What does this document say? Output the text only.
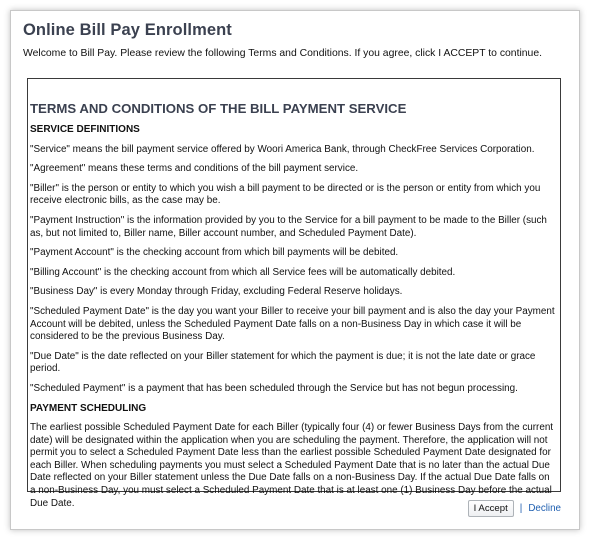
Online Bill Pay Enrollment
Welcome to Bill Pay. Please review the following Terms and Conditions. If you agree, click I ACCEPT to continue.
TERMS AND CONDITIONS OF THE BILL PAYMENT SERVICE
SERVICE DEFINITIONS

"Service" means the bill payment service offered by Woori America Bank, through CheckFree Services Corporation.

"Agreement" means these terms and conditions of the bill payment service.

"Biller" is the person or entity to which you wish a bill payment to be directed or is the person or entity from which you receive electronic bills, as the case may be.

"Payment Instruction" is the information provided by you to the Service for a bill payment to be made to the Biller (such as, but not limited to, Biller name, Biller account number, and Scheduled Payment Date).

"Payment Account" is the checking account from which bill payments will be debited.

"Billing Account" is the checking account from which all Service fees will be automatically debited.

"Business Day" is every Monday through Friday, excluding Federal Reserve holidays.

"Scheduled Payment Date" is the day you want your Biller to receive your bill payment and is also the day your Payment Account will be debited, unless the Scheduled Payment Date falls on a non-Business Day in which case it will be considered to be the previous Business Day.

"Due Date" is the date reflected on your Biller statement for which the payment is due; it is not the late date or grace period.

"Scheduled Payment" is a payment that has been scheduled through the Service but has not begun processing.

PAYMENT SCHEDULING

The earliest possible Scheduled Payment Date for each Biller (typically four (4) or fewer Business Days from the current date) will be designated within the application when you are scheduling the payment. Therefore, the application will not permit you to select a Scheduled Payment Date less than the earliest possible Scheduled Payment Date designated for each Biller. When scheduling payments you must select a Scheduled Payment Date that is no later than the actual Due Date reflected on your Biller statement unless the Due Date falls on a non-Business Day. If the actual Due Date falls on a non-Business Day, you must select a Scheduled Payment Date that is at least one (1) Business Day before the actual Due Date.	I Accept	| Decline
